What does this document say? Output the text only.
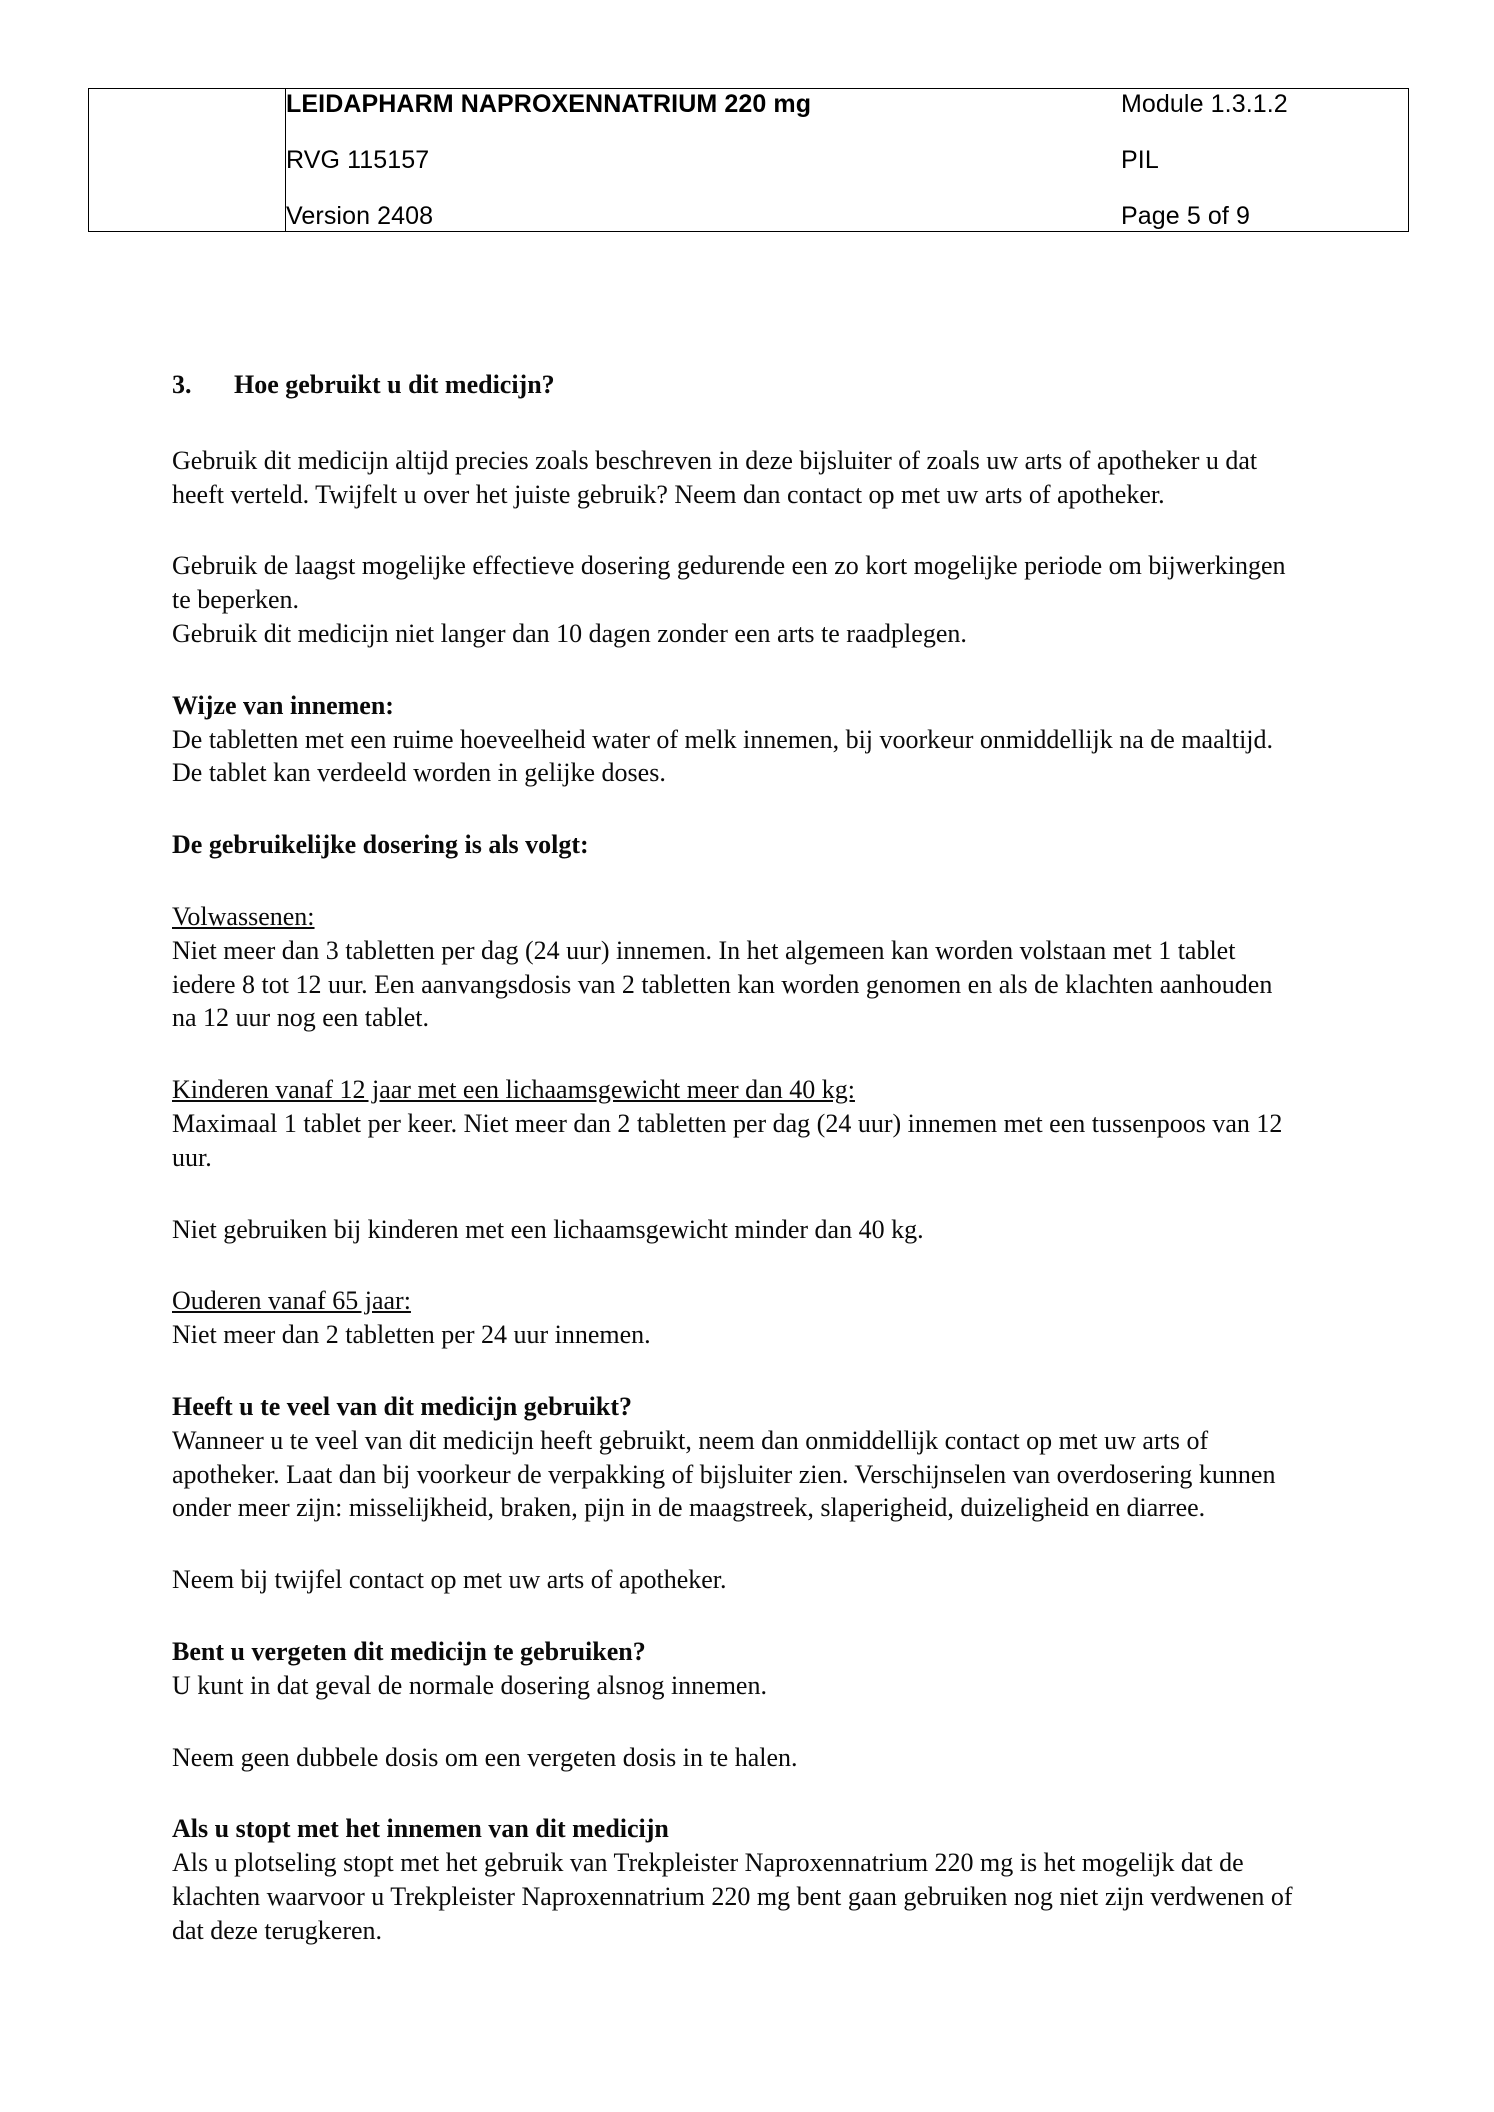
LEIDAPHARM NAPROXENNATRIUM 220 mg	Module 1.3.1.2
RVG 115157	PIL
Version 2408	Page 5 of 9
3.	Hoe gebruikt u dit medicijn?

Gebruik dit medicijn altijd precies zoals beschreven in deze bijsluiter of zoals uw arts of apotheker u dat heeft verteld. Twijfelt u over het juiste gebruik? Neem dan contact op met uw arts of apotheker.

Gebruik de laagst mogelijke effectieve dosering gedurende een zo kort mogelijke periode om bijwerkingen te beperken.

Gebruik dit medicijn niet langer dan 10 dagen zonder een arts te raadplegen.

Wijze van innemen:

De tabletten met een ruime hoeveelheid water of melk innemen, bij voorkeur onmiddellijk na de maaltijd.

De tablet kan verdeeld worden in gelijke doses.

De gebruikelijke dosering is als volgt:

Volwassenen:

Niet meer dan 3 tabletten per dag (24 uur) innemen. In het algemeen kan worden volstaan met 1 tablet iedere 8 tot 12 uur. Een aanvangsdosis van 2 tabletten kan worden genomen en als de klachten aanhouden na 12 uur nog een tablet.

Kinderen vanaf 12 jaar met een lichaamsgewicht meer dan 40 kg:

Maximaal 1 tablet per keer. Niet meer dan 2 tabletten per dag (24 uur) innemen met een tussenpoos van 12 uur.

Niet gebruiken bij kinderen met een lichaamsgewicht minder dan 40 kg.

Ouderen vanaf 65 jaar:

Niet meer dan 2 tabletten per 24 uur innemen.

Heeft u te veel van dit medicijn gebruikt?

Wanneer u te veel van dit medicijn heeft gebruikt, neem dan onmiddellijk contact op met uw arts of apotheker. Laat dan bij voorkeur de verpakking of bijsluiter zien. Verschijnselen van overdosering kunnen onder meer zijn: misselijkheid, braken, pijn in de maagstreek, slaperigheid, duizeligheid en diarree.

Neem bij twijfel contact op met uw arts of apotheker.

Bent u vergeten dit medicijn te gebruiken?

U kunt in dat geval de normale dosering alsnog innemen.

Neem geen dubbele dosis om een vergeten dosis in te halen.

Als u stopt met het innemen van dit medicijn

Als u plotseling stopt met het gebruik van Trekpleister Naproxennatrium 220 mg is het mogelijk dat de klachten waarvoor u Trekpleister Naproxennatrium 220 mg bent gaan gebruiken nog niet zijn verdwenen of dat deze terugkeren.
